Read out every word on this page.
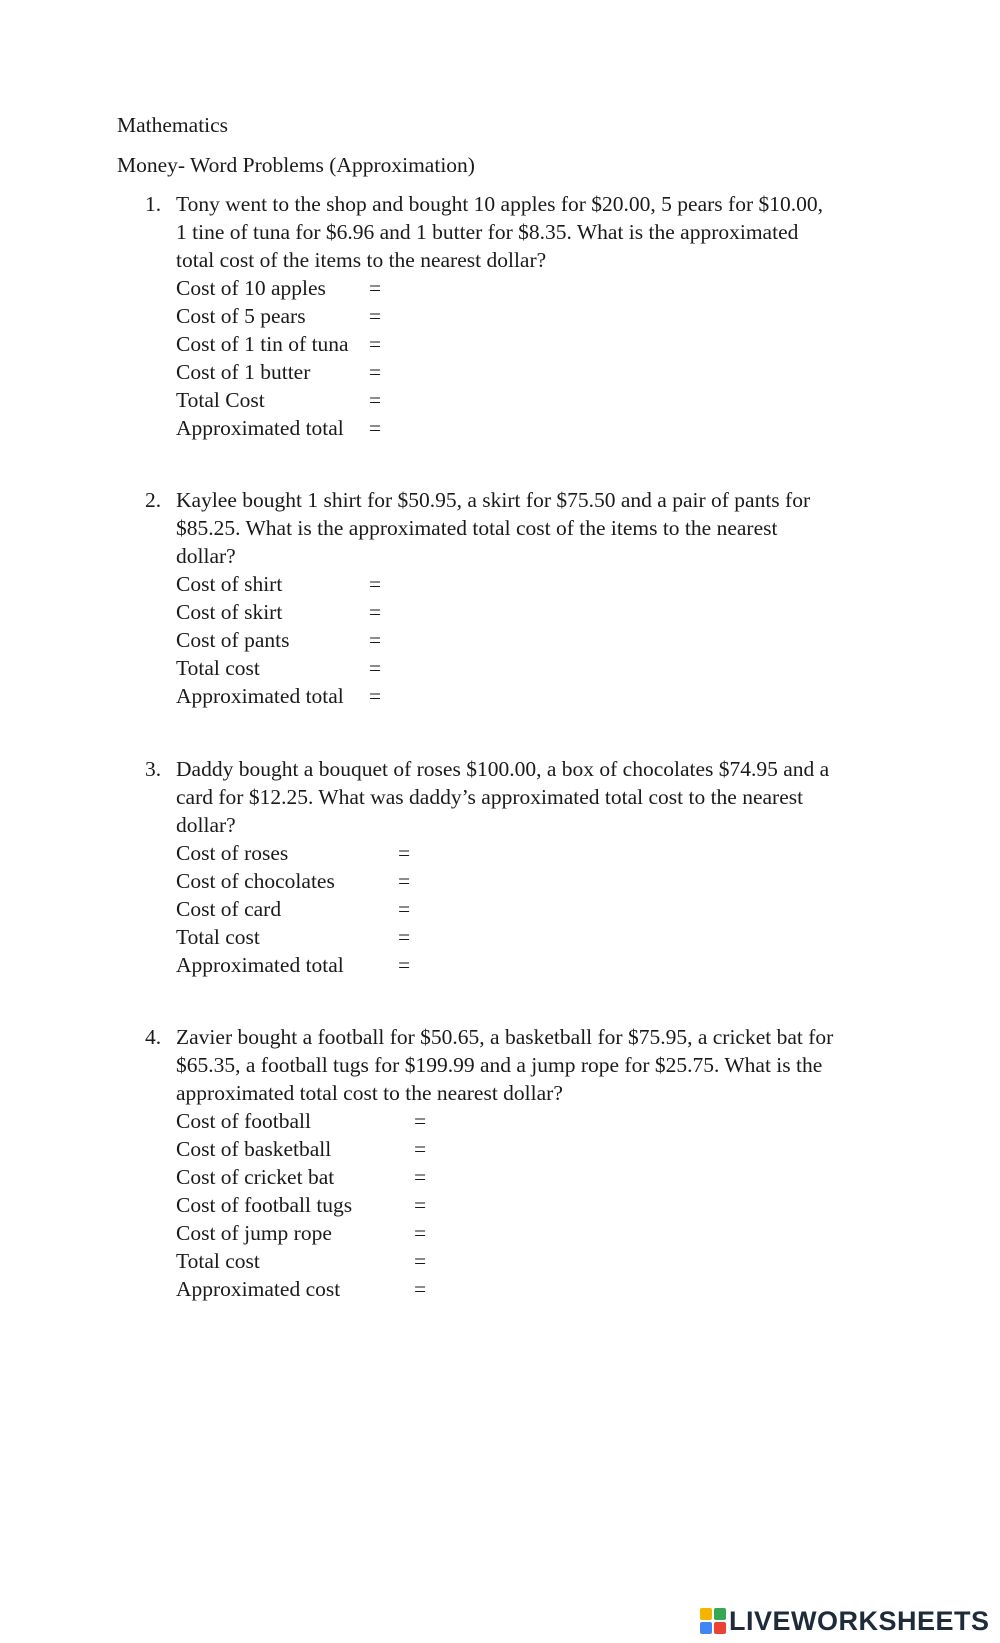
Mathematics
Money- Word Problems (Approximation)
1. Tony went to the shop and bought 10 apples for $20.00, 5 pears for $10.00,
1 tine of tuna for $6.96 and 1 butter for $8.35. What is the approximated
total cost of the items to the nearest dollar?
Cost of 10 apples =
Cost of 5 pears	=
Cost of 1 tin of tuna =
Cost of 1 butter	=
Total Cost	=
Approximated total =
2. Kaylee bought 1 shirt for $50.95, a skirt for $75.50 and a pair of pants for
$85.25. What is the approximated total cost of the items to the nearest
dollar?
Cost of shirt	=
Cost of skirt	=
Cost of pants	=
Total cost	=
Approximated total =
3. Daddy bought a bouquet of roses $100.00, a box of chocolates $74.95 and a
card for $12.25. What was daddy’s approximated total cost to the nearest
dollar?
Cost of roses	=
Cost of chocolates	=
Cost of card	=
Total cost	=
Approximated total	=
4. Zavier bought a football for $50.65, a basketball for $75.95, a cricket bat for
$65.35, a football tugs for $199.99 and a jump rope for $25.75. What is the
approximated total cost to the nearest dollar?
Cost of football	=
Cost of basketball	=
Cost of cricket bat	=
Cost of football tugs	=
Cost of jump rope	=
Total cost	=
Approximated cost	=
LIVEWORKSHEETS
